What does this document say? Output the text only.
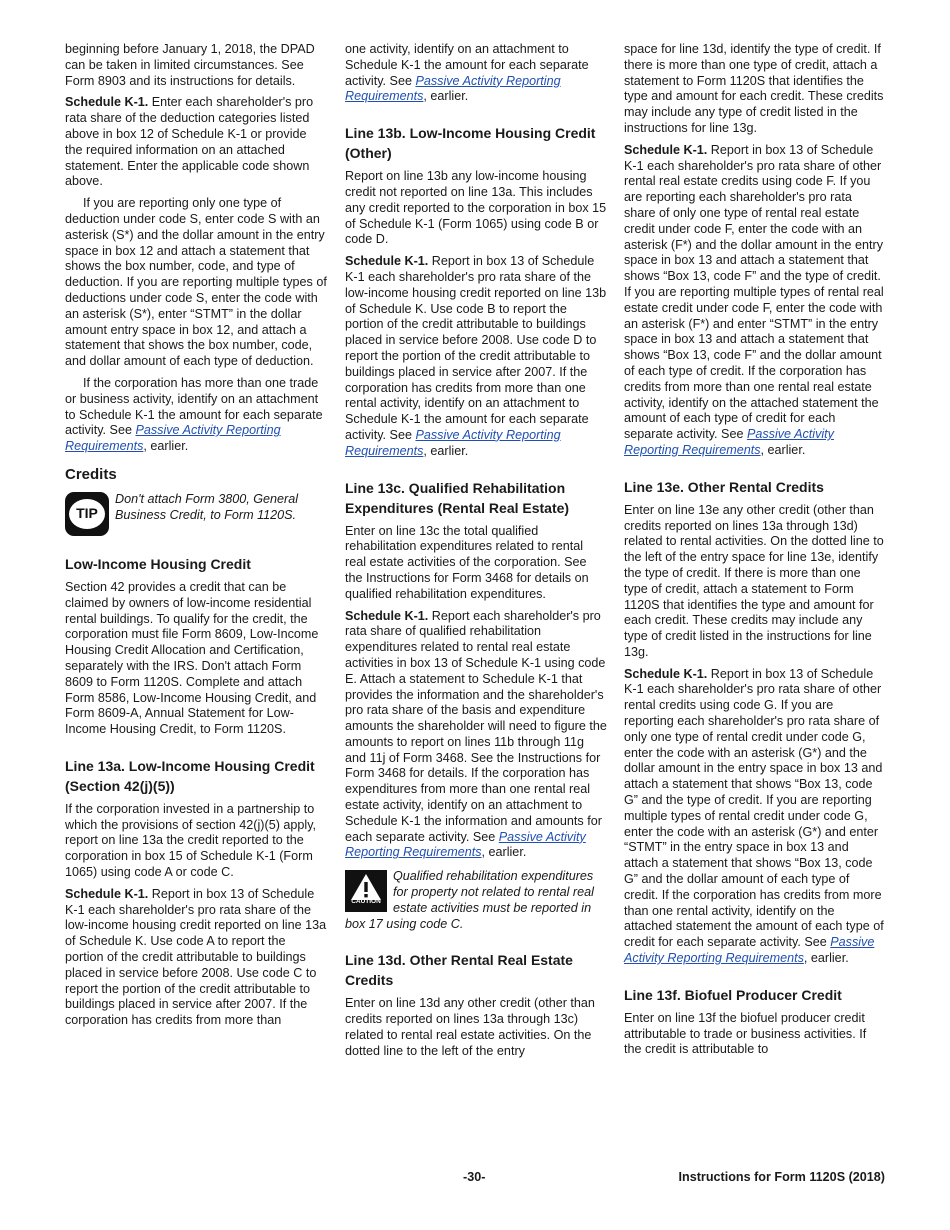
beginning before January 1, 2018, the DPAD can be taken in limited circumstances. See Form 8903 and its instructions for details.

Schedule K-1. Enter each shareholder's pro rata share of the deduction categories listed above in box 12 of Schedule K-1 or provide the required information on an attached statement. Enter the applicable code shown above.

If you are reporting only one type of deduction under code S, enter code S with an asterisk (S*) and the dollar amount in the entry space in box 12 and attach a statement that shows the box number, code, and type of deduction. If you are reporting multiple types of deductions under code S, enter the code with an asterisk (S*), enter “STMT” in the dollar amount entry space in box 12, and attach a statement that shows the box number, code, and dollar amount of each type of deduction.

If the corporation has more than one trade or business activity, identify on an attachment to Schedule K-1 the amount for each separate activity. See Passive Activity Reporting Requirements, earlier.

Credits
TIP
Don't attach Form 3800, General Business Credit, to Form 1120S.
Low-Income Housing Credit

Section 42 provides a credit that can be claimed by owners of low-income residential rental buildings. To qualify for the credit, the corporation must file Form 8609, Low-Income Housing Credit Allocation and Certification, separately with the IRS. Don't attach Form 8609 to Form 1120S. Complete and attach Form 8586, Low-Income Housing Credit, and Form 8609-A, Annual Statement for Low-Income Housing Credit, to Form 1120S.

Line 13a. Low-Income Housing Credit (Section 42(j)(5))

If the corporation invested in a partnership to which the provisions of section 42(j)(5) apply, report on line 13a the credit reported to the corporation in box 15 of Schedule K-1 (Form 1065) using code A or code C.

Schedule K-1. Report in box 13 of Schedule K-1 each shareholder's pro rata share of the low-income housing credit reported on line 13a of Schedule K. Use code A to report the portion of the credit attributable to buildings placed in service before 2008. Use code C to report the portion of the credit attributable to buildings placed in service after 2007. If the corporation has credits from more than

one activity, identify on an attachment to Schedule K-1 the amount for each separate activity. See Passive Activity Reporting Requirements, earlier.

Line 13b. Low-Income Housing Credit (Other)

Report on line 13b any low-income housing credit not reported on line 13a. This includes any credit reported to the corporation in box 15 of Schedule K-1 (Form 1065) using code B or code D.

Schedule K-1. Report in box 13 of Schedule K-1 each shareholder's pro rata share of the low-income housing credit reported on line 13b of Schedule K. Use code B to report the portion of the credit attributable to buildings placed in service before 2008. Use code D to report the portion of the credit attributable to buildings placed in service after 2007. If the corporation has credits from more than one rental activity, identify on an attachment to Schedule K-1 the amount for each separate activity. See Passive Activity Reporting Requirements, earlier.

Line 13c. Qualified Rehabilitation Expenditures (Rental Real Estate)

Enter on line 13c the total qualified rehabilitation expenditures related to rental real estate activities of the corporation. See the Instructions for Form 3468 for details on qualified rehabilitation expenditures.

Schedule K-1. Report each shareholder's pro rata share of qualified rehabilitation expenditures related to rental real estate activities in box 13 of Schedule K-1 using code E. Attach a statement to Schedule K-1 that provides the information and the shareholder's pro rata share of the basis and expenditure amounts the shareholder will need to figure the amounts to report on lines 11b through 11g and 11j of Form 3468. See the Instructions for Form 3468 for details. If the corporation has expenditures from more than one rental real estate activity, identify on an attachment to Schedule K-1 the information and amounts for each separate activity. See Passive Activity Reporting Requirements, earlier.

CAUTION
Qualified rehabilitation expenditures for property not related to rental real estate activities must be reported in box 17 using code C.
Line 13d. Other Rental Real Estate Credits

Enter on line 13d any other credit (other than credits reported on lines 13a through 13c) related to rental real estate activities. On the dotted line to the left of the entry

space for line 13d, identify the type of credit. If there is more than one type of credit, attach a statement to Form 1120S that identifies the type and amount for each credit. These credits may include any type of credit listed in the instructions for line 13g.

Schedule K-1. Report in box 13 of Schedule K-1 each shareholder's pro rata share of other rental real estate credits using code F. If you are reporting each shareholder's pro rata share of only one type of rental real estate credit under code F, enter the code with an asterisk (F*) and the dollar amount in the entry space in box 13 and attach a statement that shows “Box 13, code F” and the type of credit. If you are reporting multiple types of rental real estate credit under code F, enter the code with an asterisk (F*) and enter “STMT” in the entry space in box 13 and attach a statement that shows “Box 13, code F” and the dollar amount of each type of credit. If the corporation has credits from more than one rental real estate activity, identify on the attached statement the amount of each type of credit for each separate activity. See Passive Activity Reporting Requirements, earlier.

Line 13e. Other Rental Credits

Enter on line 13e any other credit (other than credits reported on lines 13a through 13d) related to rental activities. On the dotted line to the left of the entry space for line 13e, identify the type of credit. If there is more than one type of credit, attach a statement to Form 1120S that identifies the type and amount for each credit. These credits may include any type of credit listed in the instructions for line 13g.

Schedule K-1. Report in box 13 of Schedule K-1 each shareholder's pro rata share of other rental credits using code G. If you are reporting each shareholder's pro rata share of only one type of rental credit under code G, enter the code with an asterisk (G*) and the dollar amount in the entry space in box 13 and attach a statement that shows “Box 13, code G” and the type of credit. If you are reporting multiple types of rental credit under code G, enter the code with an asterisk (G*) and enter “STMT” in the entry space in box 13 and attach a statement that shows “Box 13, code G” and the dollar amount of each type of credit. If the corporation has credits from more than one rental activity, identify on the attached statement the amount of each type of credit for each separate activity. See Passive Activity Reporting Requirements, earlier.

Line 13f. Biofuel Producer Credit

Enter on line 13f the biofuel producer credit attributable to trade or business activities. If the credit is attributable to

-30-	Instructions for Form 1120S (2018)
